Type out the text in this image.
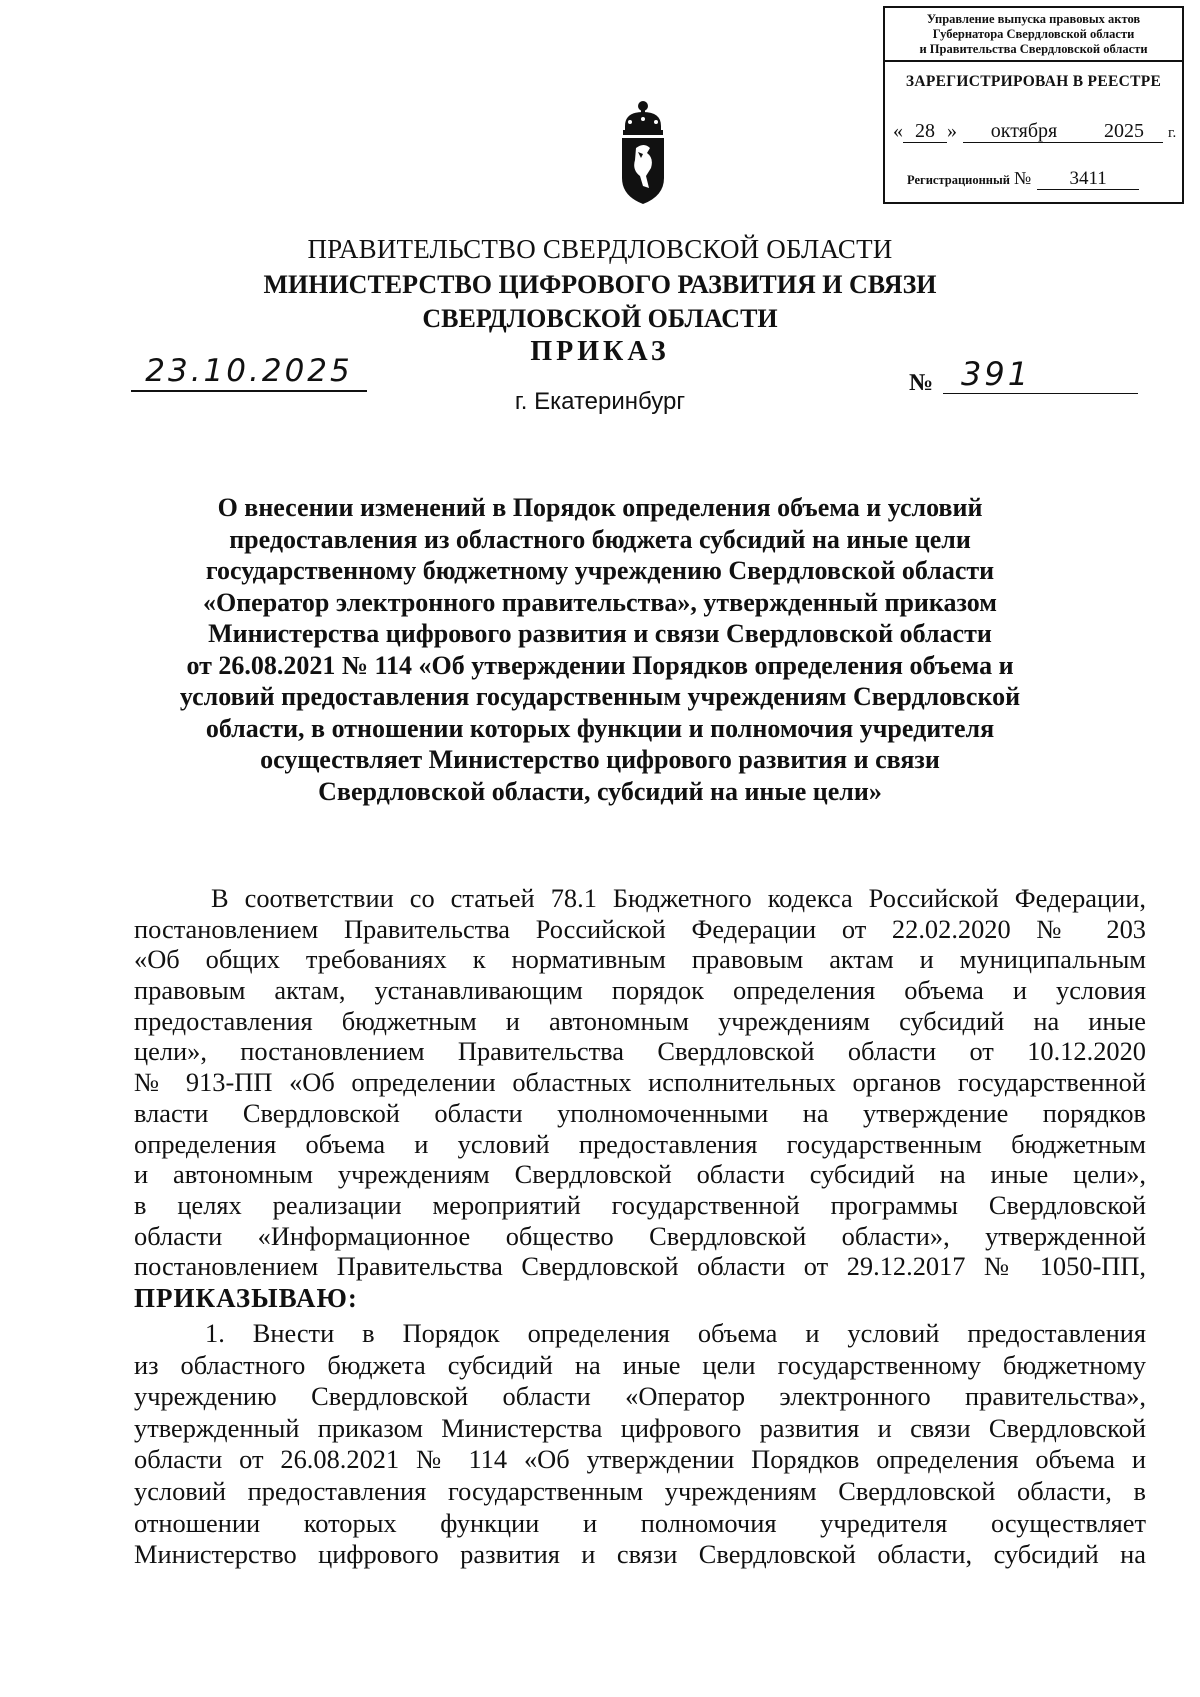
Управление выпуска правовых актов
Губернатора Свердловской области
и Правительства Свердловской области
ЗАРЕГИСТРИРОВАН В РЕЕСТРЕ
« 28 » октября 2025 г.
Регистрационный № 3411
ПРАВИТЕЛЬСТВО СВЕРДЛОВСКОЙ ОБЛАСТИ
МИНИСТЕРСТВО ЦИФРОВОГО РАЗВИТИЯ И СВЯЗИ
СВЕРДЛОВСКОЙ ОБЛАСТИ
ПРИКАЗ
23.10.2025	№ 391
г. Екатеринбург
О внесении изменений в Порядок определения объема и условий
предоставления из областного бюджета субсидий на иные цели
государственному бюджетному учреждению Свердловской области
«Оператор электронного правительства», утвержденный приказом
Министерства цифрового развития и связи Свердловской области
от 26.08.2021 № 114 «Об утверждении Порядков определения объема и
условий предоставления государственным учреждениям Свердловской
области, в отношении которых функции и полномочия учредителя
осуществляет Министерство цифрового развития и связи
Свердловской области, субсидий на иные цели»
В соответствии со статьей 78.1 Бюджетного кодекса Российской Федерации,
постановлением Правительства Российской Федерации от 22.02.2020 № 203
«Об общих требованиях к нормативным правовым актам и муниципальным
правовым актам, устанавливающим порядок определения объема и условия
предоставления бюджетным и автономным учреждениям субсидий на иные
цели», постановлением Правительства Свердловской области от 10.12.2020
№ 913-ПП «Об определении областных исполнительных органов государственной
власти Свердловской области уполномоченными на утверждение порядков
определения объема и условий предоставления государственным бюджетным
и автономным учреждениям Свердловской области субсидий на иные цели»,
в целях реализации мероприятий государственной программы Свердловской
области «Информационное общество Свердловской области», утвержденной
постановлением Правительства Свердловской области от 29.12.2017 № 1050-ПП,
ПРИКАЗЫВАЮ:
1. Внести в Порядок определения объема и условий предоставления
из областного бюджета субсидий на иные цели государственному бюджетному
учреждению Свердловской области «Оператор электронного правительства»,
утвержденный приказом Министерства цифрового развития и связи Свердловской
области от 26.08.2021 № 114 «Об утверждении Порядков определения объема и
условий предоставления государственным учреждениям Свердловской области, в
отношении которых функции и полномочия учредителя осуществляет
Министерство цифрового развития и связи Свердловской области, субсидий на
